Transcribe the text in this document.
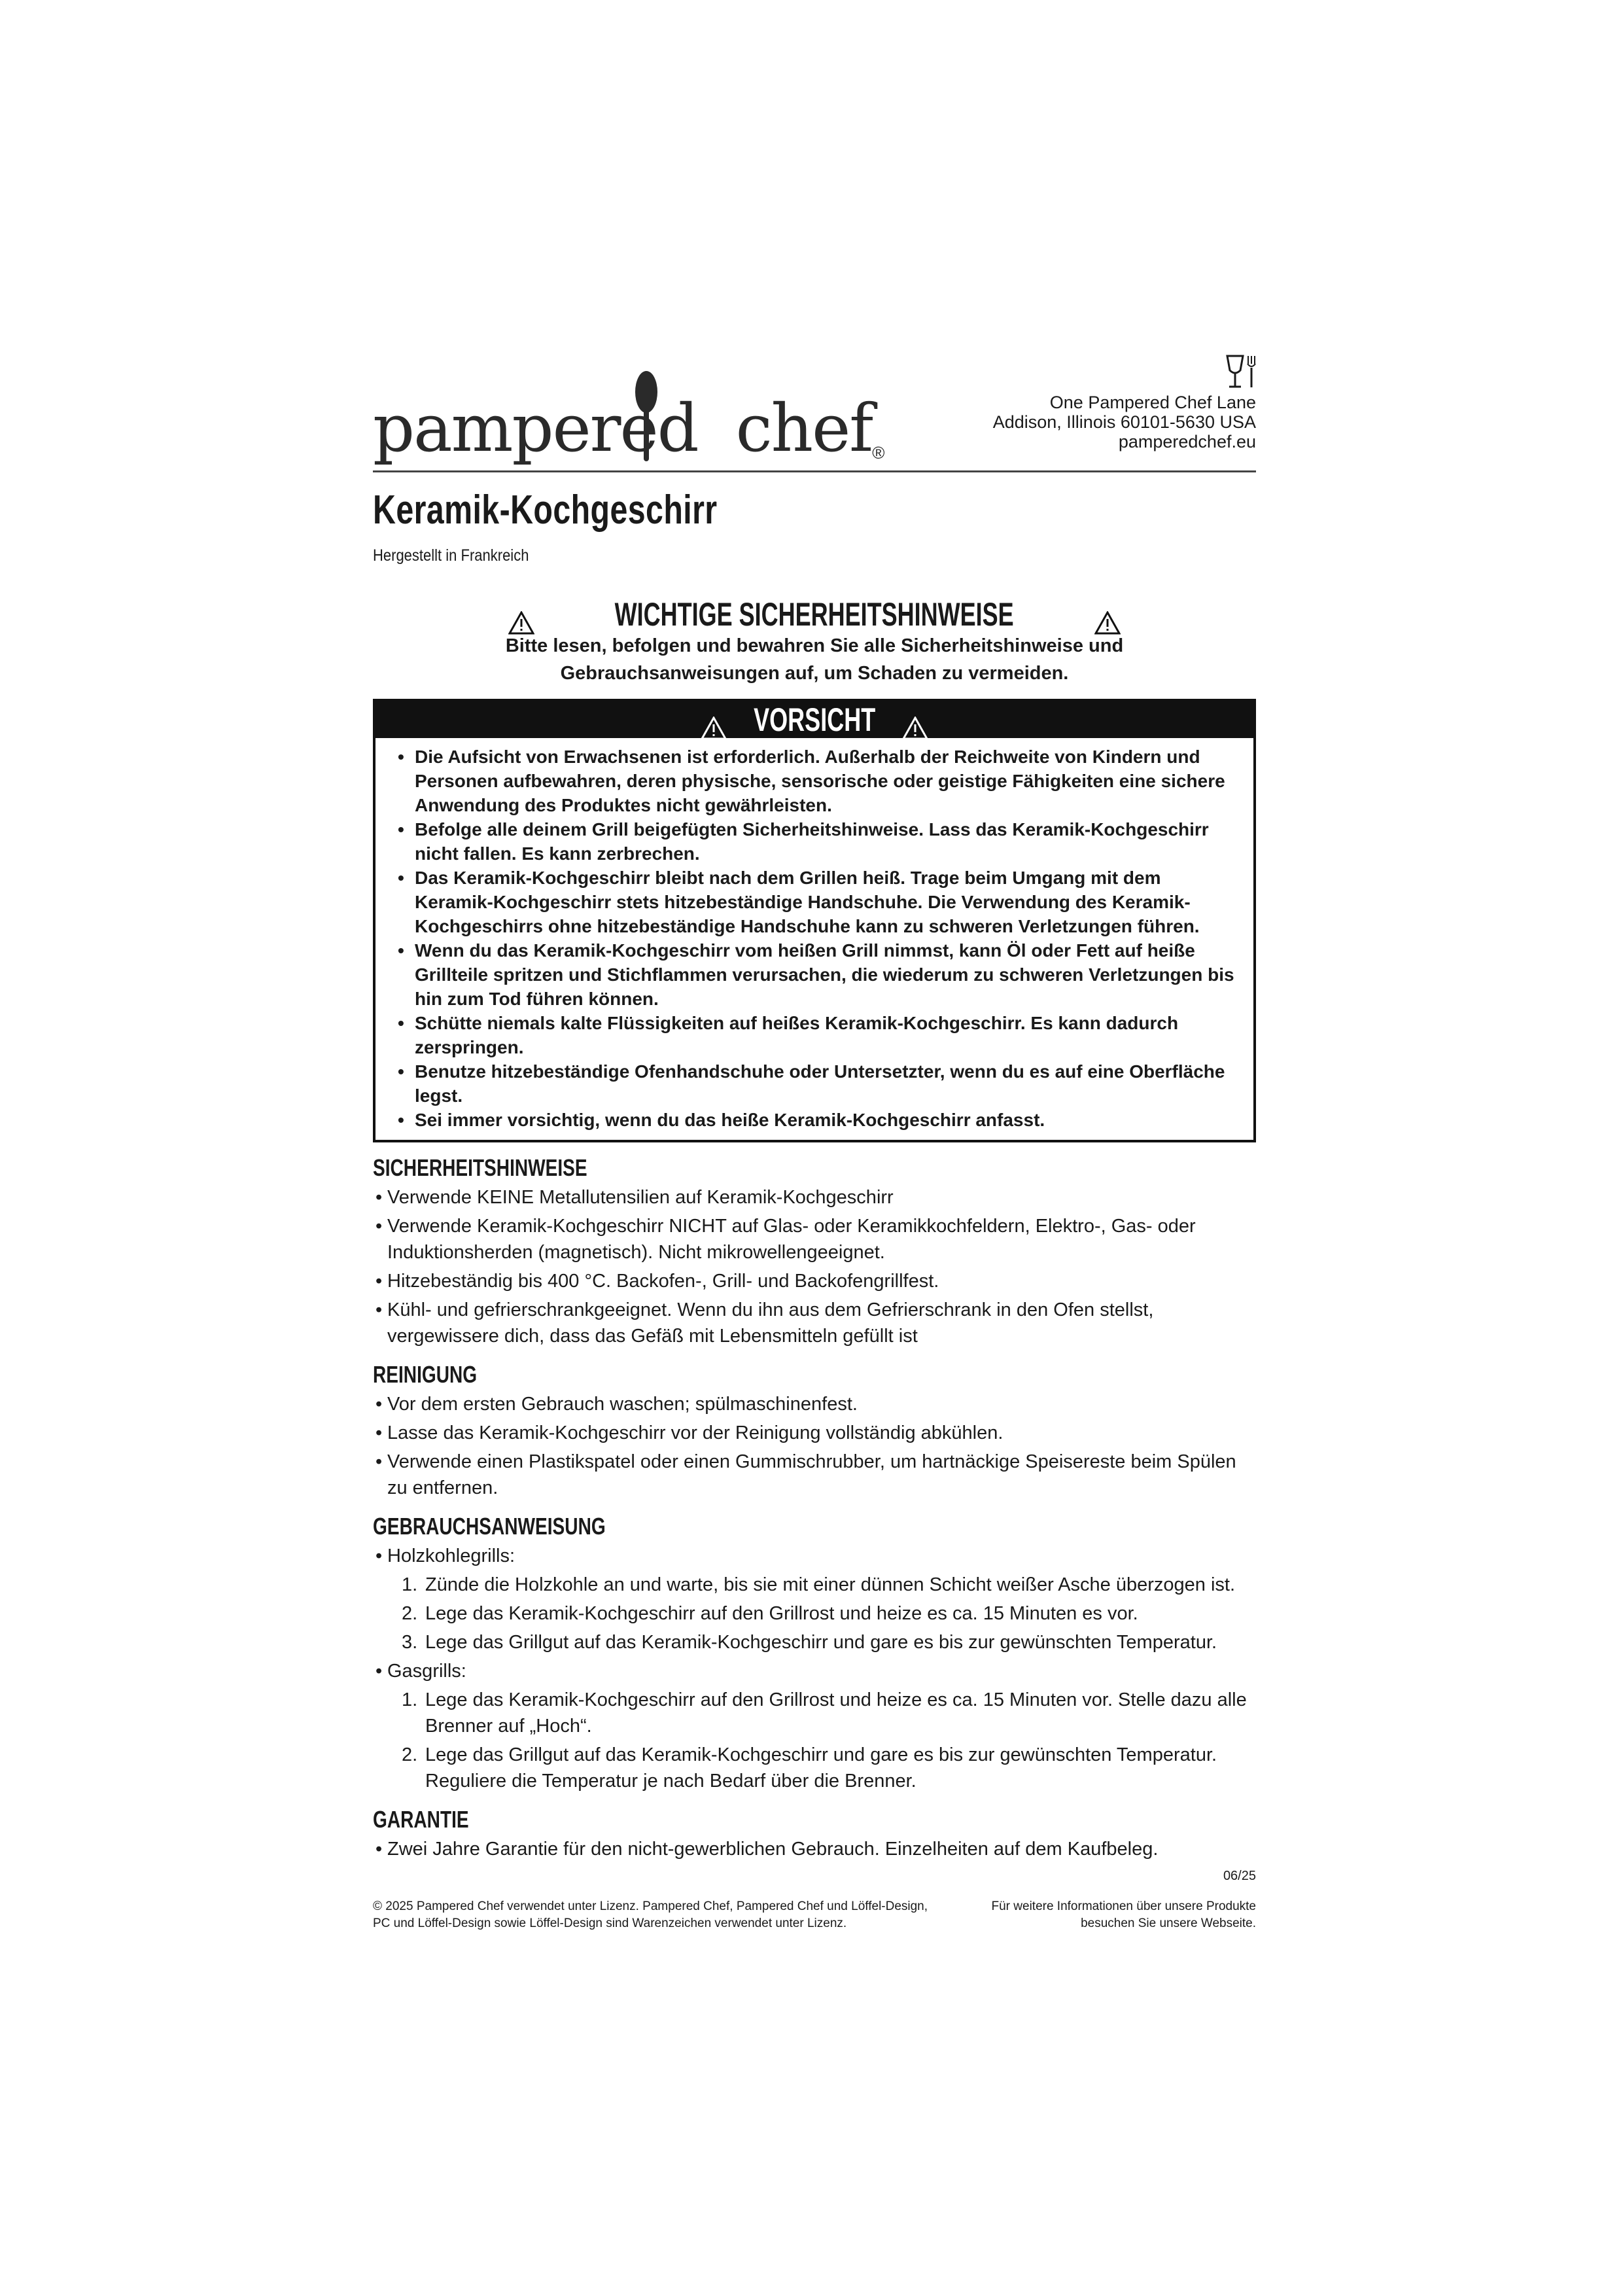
pampered chef®
One Pampered Chef Lane
Addison, Illinois 60101-5630 USA
pamperedchef.eu
Keramik-Kochgeschirr
Hergestellt in Frankreich
WICHTIGE SICHERHEITSHINWEISE
Bitte lesen, befolgen und bewahren Sie alle Sicherheitshinweise und
Gebrauchsanweisungen auf, um Schaden zu vermeiden.
VORSICHT
• Die Aufsicht von Erwachsenen ist erforderlich. Außerhalb der Reichweite von Kindern und Personen aufbewahren, deren physische, sensorische oder geistige Fähigkeiten eine sichere Anwendung des Produktes nicht gewährleisten.
• Befolge alle deinem Grill beigefügten Sicherheitshinweise. Lass das Keramik-Kochgeschirr nicht fallen. Es kann zerbrechen.
• Das Keramik-Kochgeschirr bleibt nach dem Grillen heiß. Trage beim Umgang mit dem Keramik-Kochgeschirr stets hitzebeständige Handschuhe. Die Verwendung des Keramik-Kochgeschirrs ohne hitzebeständige Handschuhe kann zu schweren Verletzungen führen.
• Wenn du das Keramik-Kochgeschirr vom heißen Grill nimmst, kann Öl oder Fett auf heiße Grillteile spritzen und Stichflammen verursachen, die wiederum zu schweren Verletzungen bis hin zum Tod führen können.
• Schütte niemals kalte Flüssigkeiten auf heißes Keramik-Kochgeschirr. Es kann dadurch zerspringen.
• Benutze hitzebeständige Ofenhandschuhe oder Untersetzter, wenn du es auf eine Oberfläche legst.
• Sei immer vorsichtig, wenn du das heiße Keramik-Kochgeschirr anfasst.
SICHERHEITSHINWEISE
• Verwende KEINE Metallutensilien auf Keramik-Kochgeschirr
• Verwende Keramik-Kochgeschirr NICHT auf Glas- oder Keramikkochfeldern, Elektro-, Gas- oder Induktionsherden (magnetisch). Nicht mikrowellengeeignet.
• Hitzebeständig bis 400 °C. Backofen-, Grill- und Backofengrillfest.
• Kühl- und gefrierschrankgeeignet. Wenn du ihn aus dem Gefrierschrank in den Ofen stellst, vergewissere dich, dass das Gefäß mit Lebensmitteln gefüllt ist
REINIGUNG
• Vor dem ersten Gebrauch waschen; spülmaschinenfest.
• Lasse das Keramik-Kochgeschirr vor der Reinigung vollständig abkühlen.
• Verwende einen Plastikspatel oder einen Gummischrubber, um hartnäckige Speisereste beim Spülen zu entfernen.
GEBRAUCHSANWEISUNG
• Holzkohlegrills:
1. Zünde die Holzkohle an und warte, bis sie mit einer dünnen Schicht weißer Asche überzogen ist.
2. Lege das Keramik-Kochgeschirr auf den Grillrost und heize es ca. 15 Minuten es vor.
3. Lege das Grillgut auf das Keramik-Kochgeschirr und gare es bis zur gewünschten Temperatur.
• Gasgrills:
1. Lege das Keramik-Kochgeschirr auf den Grillrost und heize es ca. 15 Minuten vor. Stelle dazu alle Brenner auf „Hoch“.
2. Lege das Grillgut auf das Keramik-Kochgeschirr und gare es bis zur gewünschten Temperatur. Reguliere die Temperatur je nach Bedarf über die Brenner.
GARANTIE
• Zwei Jahre Garantie für den nicht-gewerblichen Gebrauch. Einzelheiten auf dem Kaufbeleg.
06/25
© 2025 Pampered Chef verwendet unter Lizenz. Pampered Chef, Pampered Chef und Löffel-Design,
PC und Löffel-Design sowie Löffel-Design sind Warenzeichen verwendet unter Lizenz.
Für weitere Informationen über unsere Produkte
besuchen Sie unsere Webseite.
